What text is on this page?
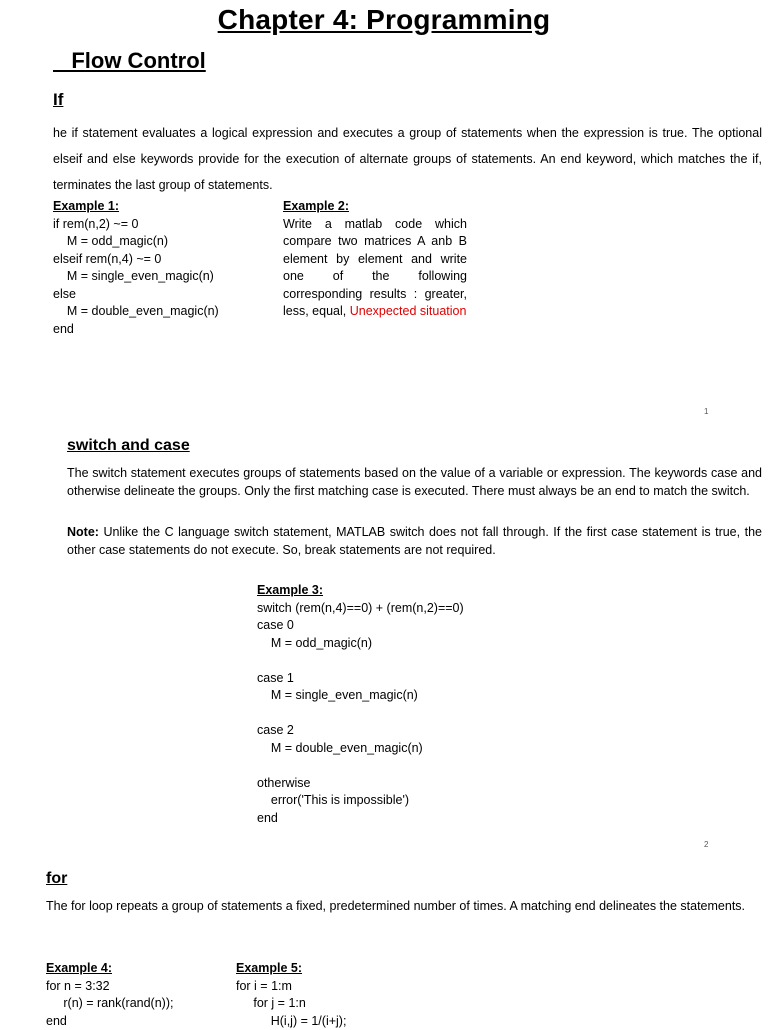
Chapter 4: Programming
Flow Control
If
he if statement evaluates a logical expression and executes a group of statements when the expression is true. The optional elseif and else keywords provide for the execution of alternate groups of statements. An end keyword, which matches the if, terminates the last group of statements.
Example 1:
if rem(n,2) ~= 0
M = odd_magic(n)
elseif rem(n,4) ~= 0
M = single_even_magic(n)
else
M = double_even_magic(n)
end
Example 2:
Write a matlab code which compare two matrices A anb B element by element and write one of the following corresponding results : greater, less, equal, Unexpected situation
1
switch and case
The switch statement executes groups of statements based on the value of a variable or expression. The keywords case and otherwise delineate the groups. Only the first matching case is executed. There must always be an end to match the switch.
Note: Unlike the C language switch statement, MATLAB switch does not fall through. If the first case statement is true, the other case statements do not execute. So, break statements are not required.
Example 3:
switch (rem(n,4)==0) + (rem(n,2)==0)
case 0
M = odd_magic(n)

case 1
M = single_even_magic(n)

case 2
M = double_even_magic(n)

otherwise
error('This is impossible')
end
2
for
The for loop repeats a group of statements a fixed, predetermined number of times. A matching end delineates the statements.
Example 4:
for n = 3:32
r(n) = rank(rand(n));
end
Example 5:
for i = 1:m
for j = 1:n
H(i,j) = 1/(i+j);
